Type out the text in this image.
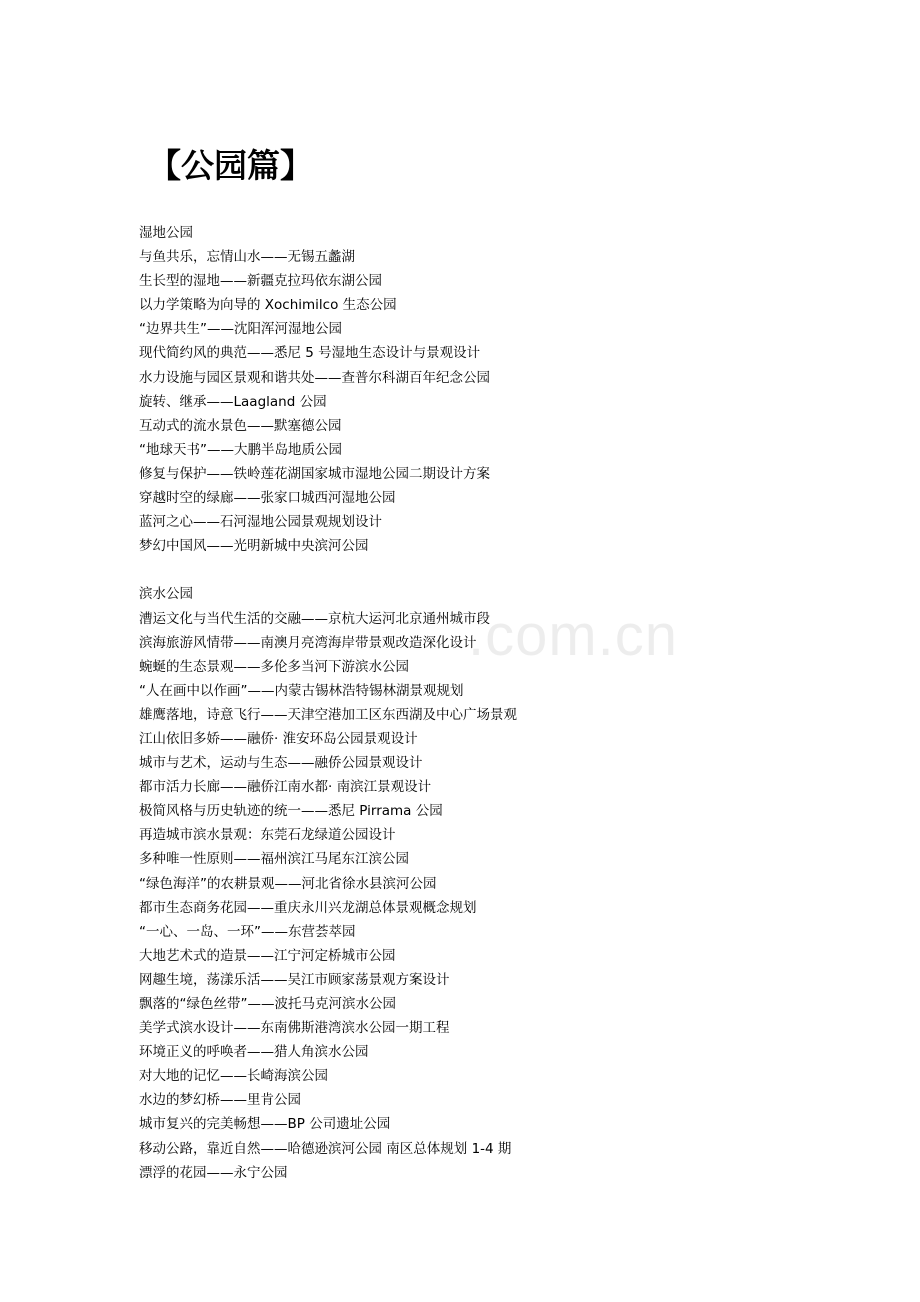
【公园篇】
.com.cn
湿地公园
与鱼共乐，忘情山水——无锡五蠡湖
生长型的湿地——新疆克拉玛依东湖公园
以力学策略为向导的 Xochimilco 生态公园
“边界共生”——沈阳浑河湿地公园
现代简约风的典范——悉尼 5 号湿地生态设计与景观设计
水力设施与园区景观和谐共处——查普尔科湖百年纪念公园
旋转、继承——Laagland 公园
互动式的流水景色——默塞德公园
“地球天书”——大鹏半岛地质公园
修复与保护——铁岭莲花湖国家城市湿地公园二期设计方案
穿越时空的绿廊——张家口城西河湿地公园
蓝河之心——石河湿地公园景观规划设计
梦幻中国风——光明新城中央滨河公园
滨水公园
漕运文化与当代生活的交融——京杭大运河北京通州城市段
滨海旅游风情带——南澳月亮湾海岸带景观改造深化设计
蜿蜒的生态景观——多伦多当河下游滨水公园
“人在画中以作画”——内蒙古锡林浩特锡林湖景观规划
雄鹰落地，诗意飞行——天津空港加工区东西湖及中心广场景观
江山依旧多娇——融侨· 淮安环岛公园景观设计
城市与艺术，运动与生态——融侨公园景观设计
都市活力长廊——融侨江南水都· 南滨江景观设计
极简风格与历史轨迹的统一——悉尼 Pirrama 公园
再造城市滨水景观：东莞石龙绿道公园设计
多种唯一性原则——福州滨江马尾东江滨公园
“绿色海洋”的农耕景观——河北省徐水县滨河公园
都市生态商务花园——重庆永川兴龙湖总体景观概念规划
“一心、一岛、一环”——东营荟萃园
大地艺术式的造景——江宁河定桥城市公园
网趣生境，荡漾乐活——吴江市顾家荡景观方案设计
飘落的“绿色丝带”——波托马克河滨水公园
美学式滨水设计——东南佛斯港湾滨水公园一期工程
环境正义的呼唤者——猎人角滨水公园
对大地的记忆——长崎海滨公园
水边的梦幻桥——里肯公园
城市复兴的完美畅想——BP 公司遗址公园
移动公路，靠近自然——哈德逊滨河公园 南区总体规划 1-4 期
漂浮的花园——永宁公园
